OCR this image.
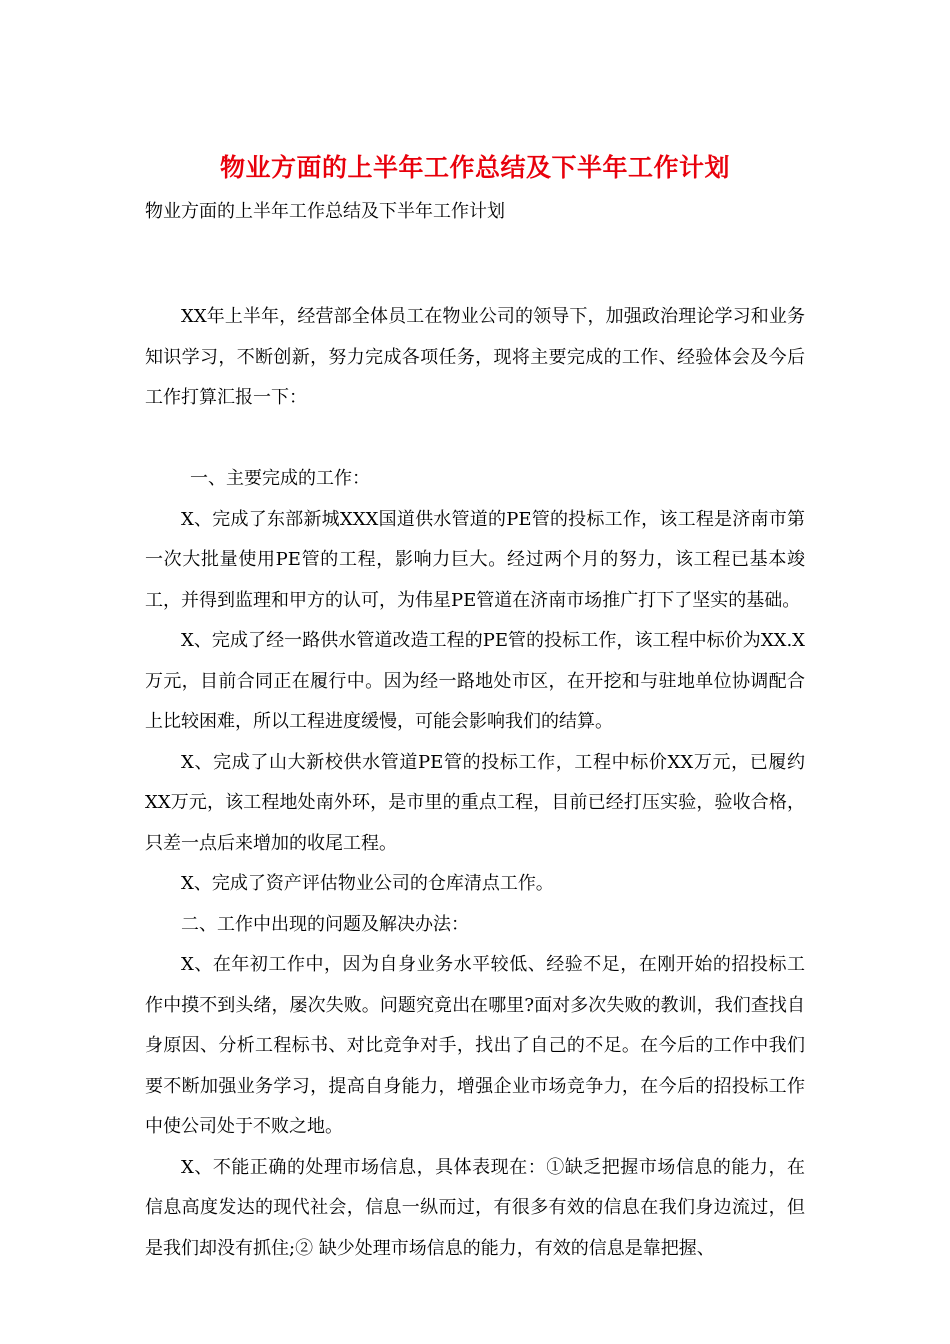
物业方面的上半年工作总结及下半年工作计划
物业方面的上半年工作总结及下半年工作计划

XX年上半年，经营部全体员工在物业公司的领导下，加强政治理论学习和业务知识学习，不断创新，努力完成各项任务，现将主要完成的工作、经验体会及今后工作打算汇报一下：

一、主要完成的工作：

X、完成了东部新城XXX国道供水管道的PE管的投标工作，该工程是济南市第一次大批量使用PE管的工程，影响力巨大。经过两个月的努力，该工程已基本竣工，并得到监理和甲方的认可，为伟星PE管道在济南市场推广打下了坚实的基础。

X、完成了经一路供水管道改造工程的PE管的投标工作，该工程中标价为XX.X万元，目前合同正在履行中。因为经一路地处市区，在开挖和与驻地单位协调配合上比较困难，所以工程进度缓慢，可能会影响我们的结算。

X、完成了山大新校供水管道PE管的投标工作，工程中标价XX万元，已履约XX万元，该工程地处南外环，是市里的重点工程，目前已经打压实验，验收合格，只差一点后来增加的收尾工程。

X、完成了资产评估物业公司的仓库清点工作。

二、工作中出现的问题及解决办法：

X、在年初工作中，因为自身业务水平较低、经验不足，在刚开始的招投标工作中摸不到头绪，屡次失败。问题究竟出在哪里?面对多次失败的教训，我们查找自身原因、分析工程标书、对比竞争对手，找出了自己的不足。在今后的工作中我们要不断加强业务学习，提高自身能力，增强企业市场竞争力，在今后的招投标工作中使公司处于不败之地。

X、不能正确的处理市场信息，具体表现在：①缺乏把握市场信息的能力，在信息高度发达的现代社会，信息一纵而过，有很多有效的信息在我们身边流过，但是我们却没有抓住;② 缺少处理市场信息的能力，有效的信息是靠把握、
